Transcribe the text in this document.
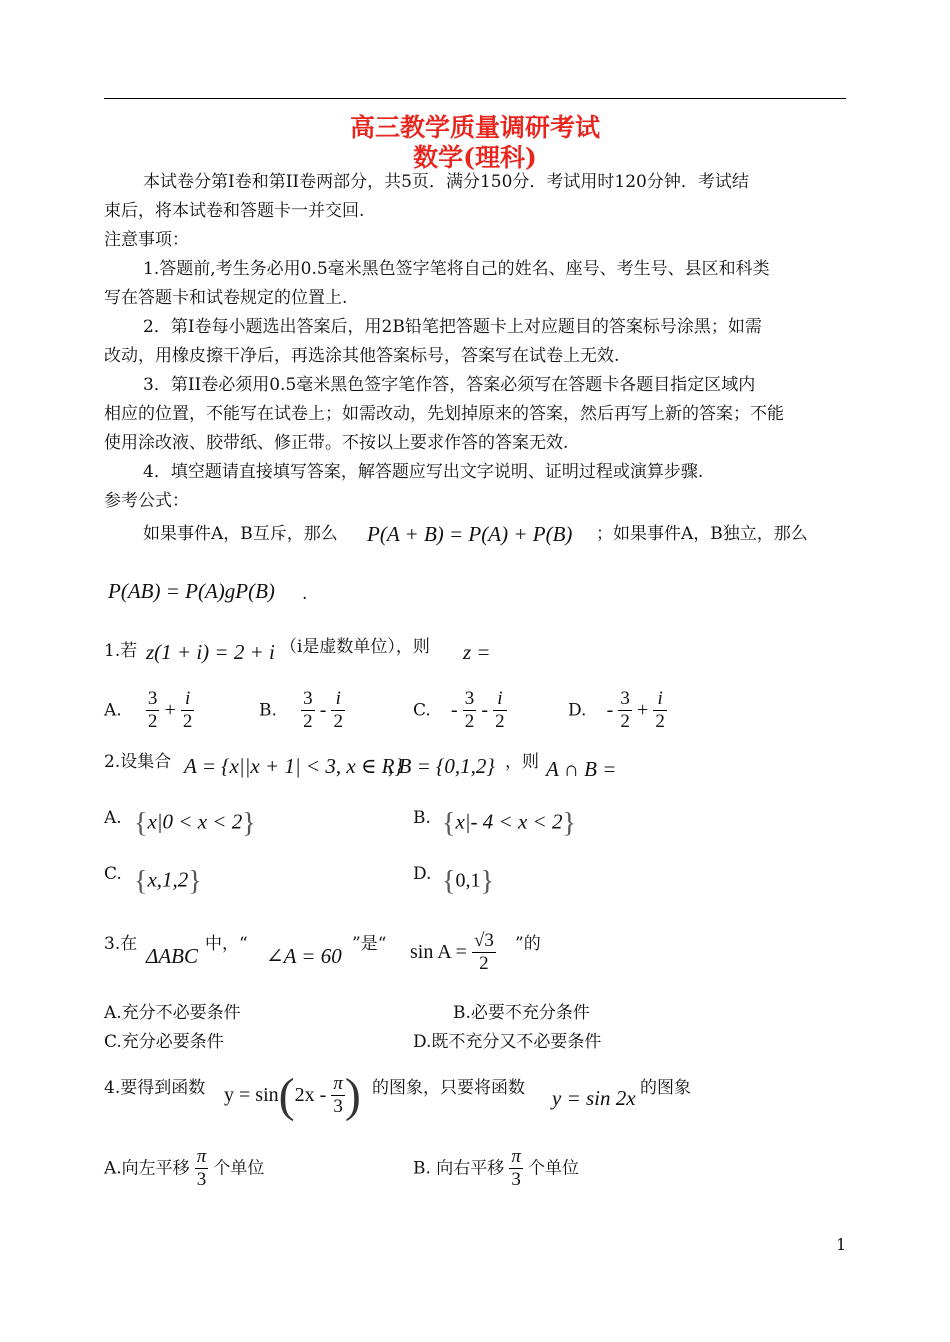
高三教学质量调研考试
数学(理科)
本试卷分第I卷和第II卷两部分，共5页．满分150分．考试用时120分钟．考试结
束后，将本试卷和答题卡一并交回.
注意事项：
1.答题前,考生务必用0.5毫米黑色签字笔将自己的姓名、座号、考生号、县区和科类
写在答题卡和试卷规定的位置上.
2．第I卷每小题选出答案后，用2B铅笔把答题卡上对应题目的答案标号涂黑；如需
改动，用橡皮擦干净后，再选涂其他答案标号，答案写在试卷上无效.
3．第II卷必须用0.5毫米黑色签字笔作答，答案必须写在答题卡各题目指定区域内
相应的位置，不能写在试卷上；如需改动，先划掉原来的答案，然后再写上新的答案；不能
使用涂改液、胶带纸、修正带。不按以上要求作答的答案无效.
4．填空题请直接填写答案，解答题应写出文字说明、证明过程或演算步骤.
参考公式：
如果事件A，B互斥，那么 P(A + B) = P(A) + P(B) ；如果事件A，B独立，那么
P(AB) = P(A)gP(B) .
1.若 z(1 + i) = 2 + i （i是虚数单位），则 z =
A. $\frac{3}{2} + \frac{i}{2}$	B. $\frac{3}{2} - \frac{i}{2}$	C. - $\frac{3}{2} - \frac{i}{2}$	D. - $\frac{3}{2} + \frac{i}{2}$
2.设集合 A = {x||x + 1| < 3, x ∈ R}
, B = {0,1,2} ，则 A ∩ B =
A. {x|0 < x < 2}	B. {x|- 4 < x < 2}
C. {x,1,2}	D. {0,1}
3.在 ΔABC 中，“ ∠A = 60 ”是“ $\sin A = \frac{√3}{2}$ ”的
A.充分不必要条件	B.必要不充分条件
C.充分必要条件	D.既不充分又不必要条件
4.要得到函数 $y = \sin(2x - \frac{\pi}{3}$ ) 的图象，只要将函数 y = sin 2x 的图象
A.向左平移 $\frac{\pi}{3}$ 个单位	B. 向右平移 $\frac{\pi}{3}$ 个单位
1
